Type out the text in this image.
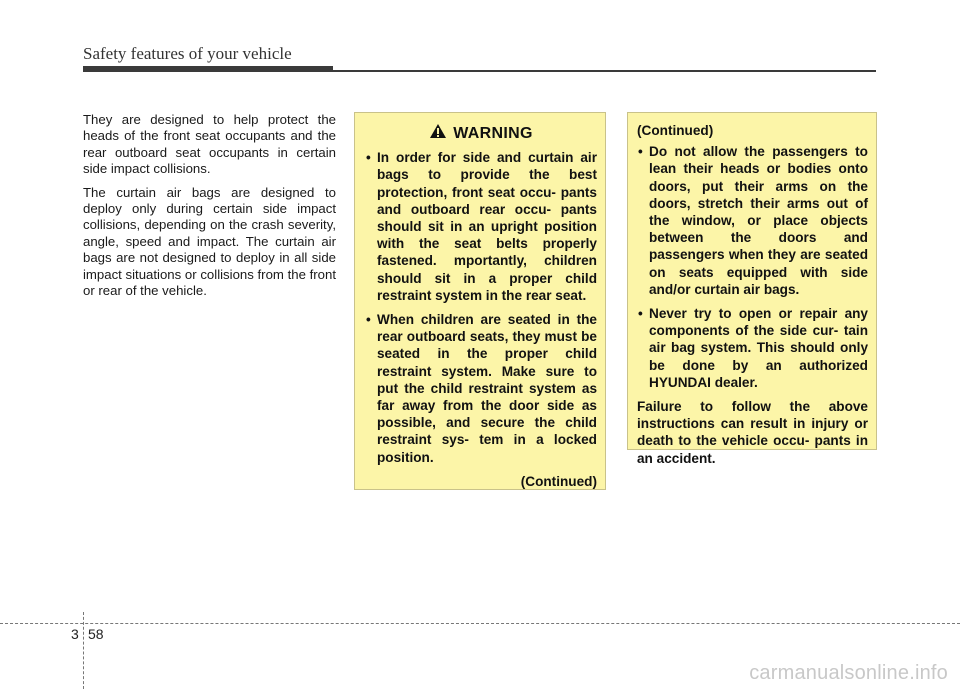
Safety features of your vehicle

They are designed to help protect the heads of the front seat occupants and the rear outboard seat occupants in certain side impact collisions.

The curtain air bags are designed to deploy only during certain side impact collisions, depending on the crash severity, angle, speed and impact. The curtain air bags are not designed to deploy in all side impact situations or collisions from the front or rear of the vehicle.

WARNING
• In order for side and curtain air bags to provide the best protection, front seat occu- pants and outboard rear occu- pants should sit in an upright position with the seat belts properly fastened. mportantly, children should sit in a proper child restraint system in the rear seat.
• When children are seated in the rear outboard seats, they must be seated in the proper child restraint system. Make sure to put the child restraint system as far away from the door side as possible, and secure the child restraint sys- tem in a locked position.
(Continued)
(Continued)
• Do not allow the passengers to lean their heads or bodies onto doors, put their arms on the doors, stretch their arms out of the window, or place objects between the doors and passengers when they are seated on seats equipped with side and/or curtain air bags.
• Never try to open or repair any components of the side cur- tain air bag system. This should only be done by an authorized HYUNDAI dealer.
Failure to follow the above instructions can result in injury or death to the vehicle occu- pants in an accident.
3 58
carmanualsonline.info
